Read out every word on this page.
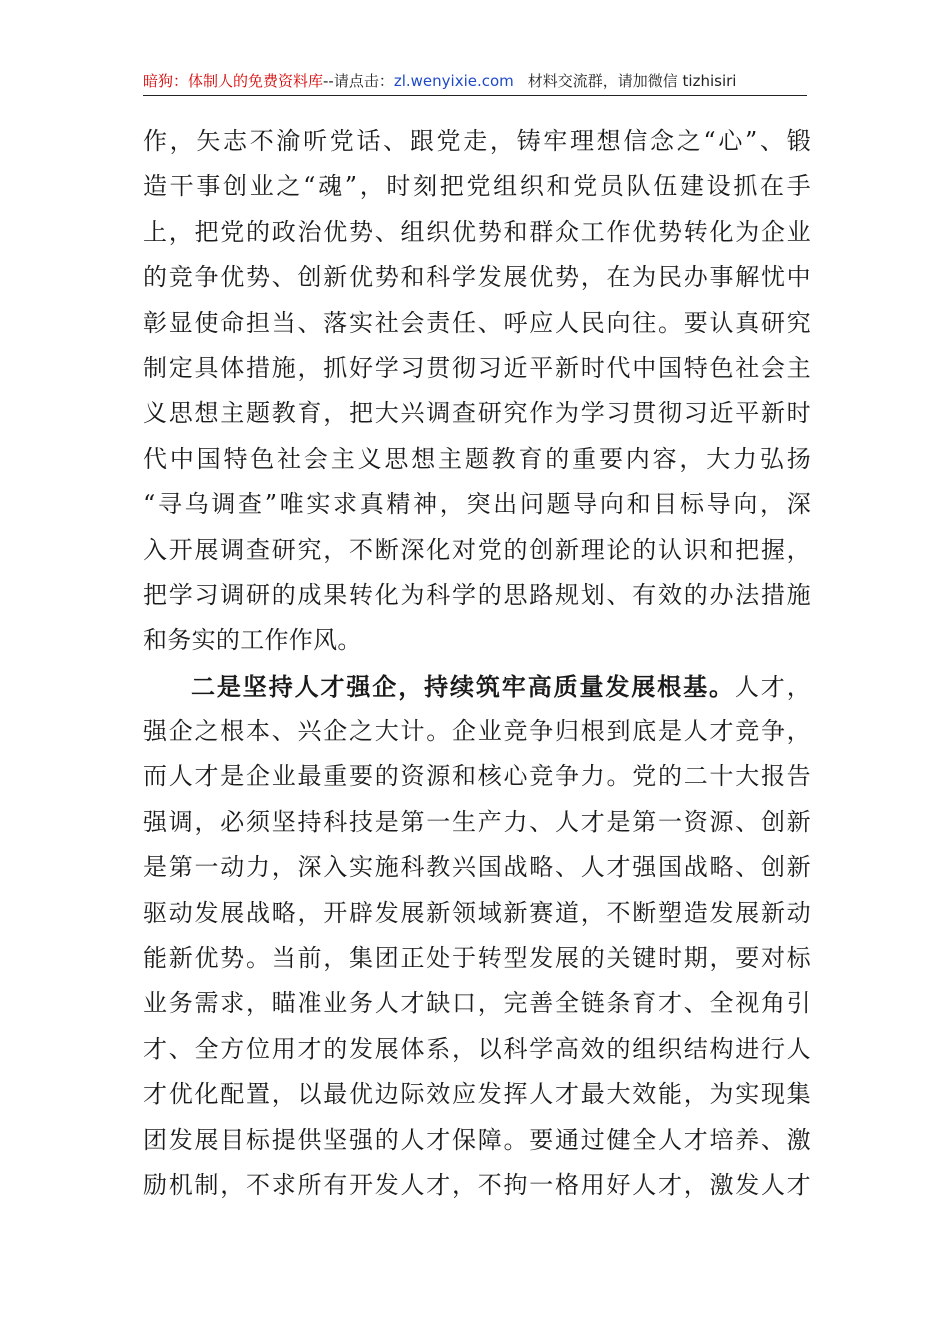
暗狗：体制人的免费资料库--请点击：zl.wenyixie.com 材料交流群，请加微信 tizhisiri
作，矢志不渝听党话、跟党走，铸牢理想信念之“心”、锻
造干事创业之“魂”，时刻把党组织和党员队伍建设抓在手
上，把党的政治优势、组织优势和群众工作优势转化为企业
的竞争优势、创新优势和科学发展优势，在为民办事解忧中
彰显使命担当、落实社会责任、呼应人民向往。要认真研究
制定具体措施，抓好学习贯彻习近平新时代中国特色社会主
义思想主题教育，把大兴调查研究作为学习贯彻习近平新时
代中国特色社会主义思想主题教育的重要内容，大力弘扬
“寻乌调查”唯实求真精神，突出问题导向和目标导向，深
入开展调查研究，不断深化对党的创新理论的认识和把握，
把学习调研的成果转化为科学的思路规划、有效的办法措施
和务实的工作作风。
二是坚持人才强企，持续筑牢高质量发展根基。人才，
强企之根本、兴企之大计。企业竞争归根到底是人才竞争，
而人才是企业最重要的资源和核心竞争力。党的二十大报告
强调，必须坚持科技是第一生产力、人才是第一资源、创新
是第一动力，深入实施科教兴国战略、人才强国战略、创新
驱动发展战略，开辟发展新领域新赛道，不断塑造发展新动
能新优势。当前，集团正处于转型发展的关键时期，要对标
业务需求，瞄准业务人才缺口，完善全链条育才、全视角引
才、全方位用才的发展体系，以科学高效的组织结构进行人
才优化配置，以最优边际效应发挥人才最大效能，为实现集
团发展目标提供坚强的人才保障。要通过健全人才培养、激
励机制，不求所有开发人才，不拘一格用好人才，激发人才
